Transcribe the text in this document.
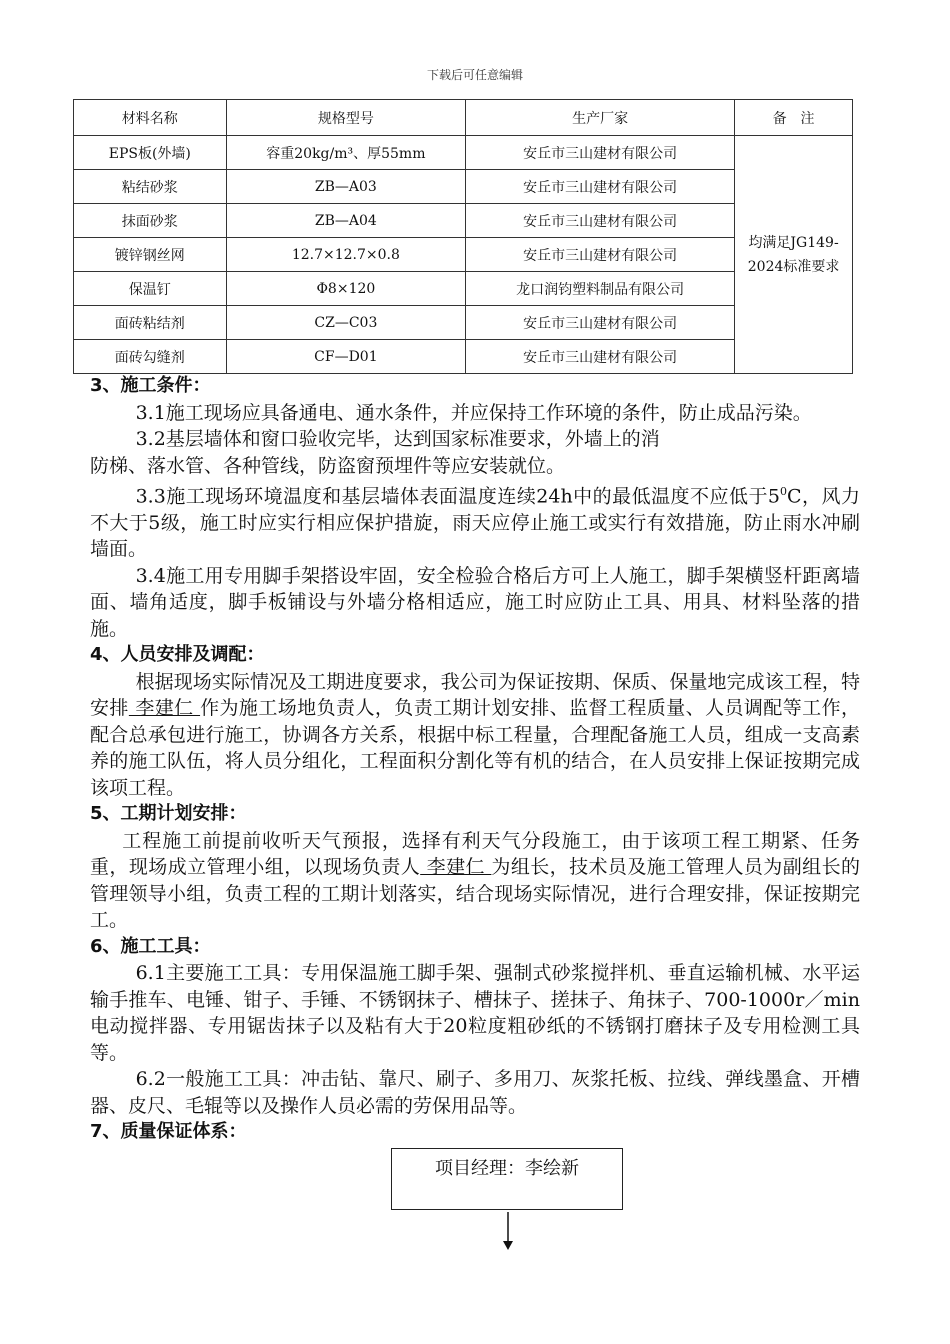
下载后可任意编辑
材料名称	规格型号	生产厂家	备　注
EPS板(外墙)	容重20kg/m³、厚55mm	安丘市三山建材有限公司	均满足JG149-
2024标准要求
粘结砂浆	ZB—A03	安丘市三山建材有限公司	
抹面砂浆	ZB—A04	安丘市三山建材有限公司	
镀锌钢丝网	12.7×12.7×0.8	安丘市三山建材有限公司	
保温钉	Φ8×120	龙口润钧塑料制品有限公司	
面砖粘结剂	CZ—C03	安丘市三山建材有限公司	
面砖勾缝剂	CF—D01	安丘市三山建材有限公司	

3、施工条件：

3.1施工现场应具备通电、通水条件，并应保持工作环境的条件，防止成品污染。

3.2基层墙体和窗口验收完毕，达到国家标准要求，外墙上的消

防梯、落水管、各种管线，防盗窗预埋件等应安装就位。

3.3施工现场环境温度和基层墙体表面温度连续24h中的最低温度不应低于$5^0C$，风力不大于5级，施工时应实行相应保护措旋，雨天应停止施工或实行有效措施，防止雨水冲刷墙面。

3.4施工用专用脚手架搭设牢固，安全检验合格后方可上人施工，脚手架横竖杆距离墙面、墙角适度，脚手板铺设与外墙分格相适应，施工时应防止工具、用具、材料坠落的措施。

4、人员安排及调配：

根据现场实际情况及工期进度要求，我公司为保证按期、保质、保量地完成该工程，特安排 李建仁 作为施工场地负责人，负责工期计划安排、监督工程质量、人员调配等工作，配合总承包进行施工，协调各方关系，根据中标工程量，合理配备施工人员，组成一支高素养的施工队伍，将人员分组化，工程面积分割化等有机的结合，在人员安排上保证按期完成该项工程。

5、工期计划安排：

工程施工前提前收听天气预报，选择有利天气分段施工，由于该项工程工期紧、任务重，现场成立管理小组，以现场负责人 李建仁 为组长，技术员及施工管理人员为副组长的管理领导小组，负责工程的工期计划落实，结合现场实际情况，进行合理安排，保证按期完工。

6、施工工具：

6.1主要施工工具：专用保温施工脚手架、强制式砂浆搅拌机、垂直运输机械、水平运输手推车、电锤、钳子、手锤、不锈钢抹子、槽抹子、搓抹子、角抹子、700-1000r／min电动搅拌器、专用锯齿抹子以及粘有大于20粒度粗砂纸的不锈钢打磨抹子及专用检测工具等。

6.2一般施工工具：冲击钻、靠尺、刷子、多用刀、灰浆托板、拉线、弹线墨盒、开槽器、皮尺、毛辊等以及操作人员必需的劳保用品等。

7、质量保证体系：

项目经理：李绘新
